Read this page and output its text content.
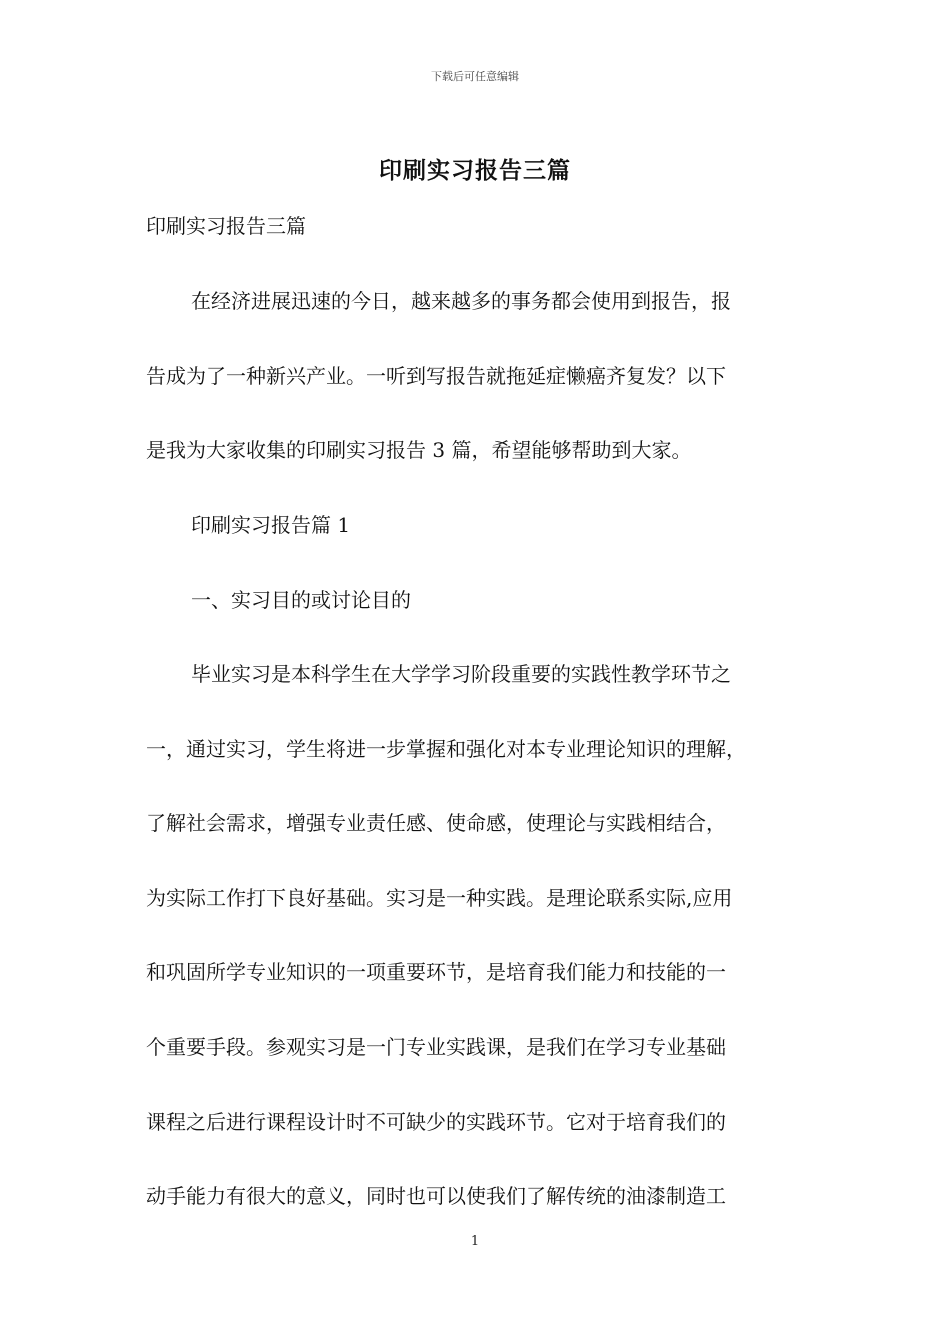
下载后可任意编辑
印刷实习报告三篇
印刷实习报告三篇
在经济进展迅速的今日，越来越多的事务都会使用到报告，报
告成为了一种新兴产业。一听到写报告就拖延症懒癌齐复发？以下
是我为大家收集的印刷实习报告 3 篇，希望能够帮助到大家。
印刷实习报告篇 1
一、实习目的或讨论目的
毕业实习是本科学生在大学学习阶段重要的实践性教学环节之
一，通过实习，学生将进一步掌握和强化对本专业理论知识的理解，
了解社会需求，增强专业责任感、使命感，使理论与实践相结合，
为实际工作打下良好基础。实习是一种实践。是理论联系实际,应用
和巩固所学专业知识的一项重要环节，是培育我们能力和技能的一
个重要手段。参观实习是一门专业实践课，是我们在学习专业基础
课程之后进行课程设计时不可缺少的实践环节。它对于培育我们的
动手能力有很大的意义，同时也可以使我们了解传统的油漆制造工
1
